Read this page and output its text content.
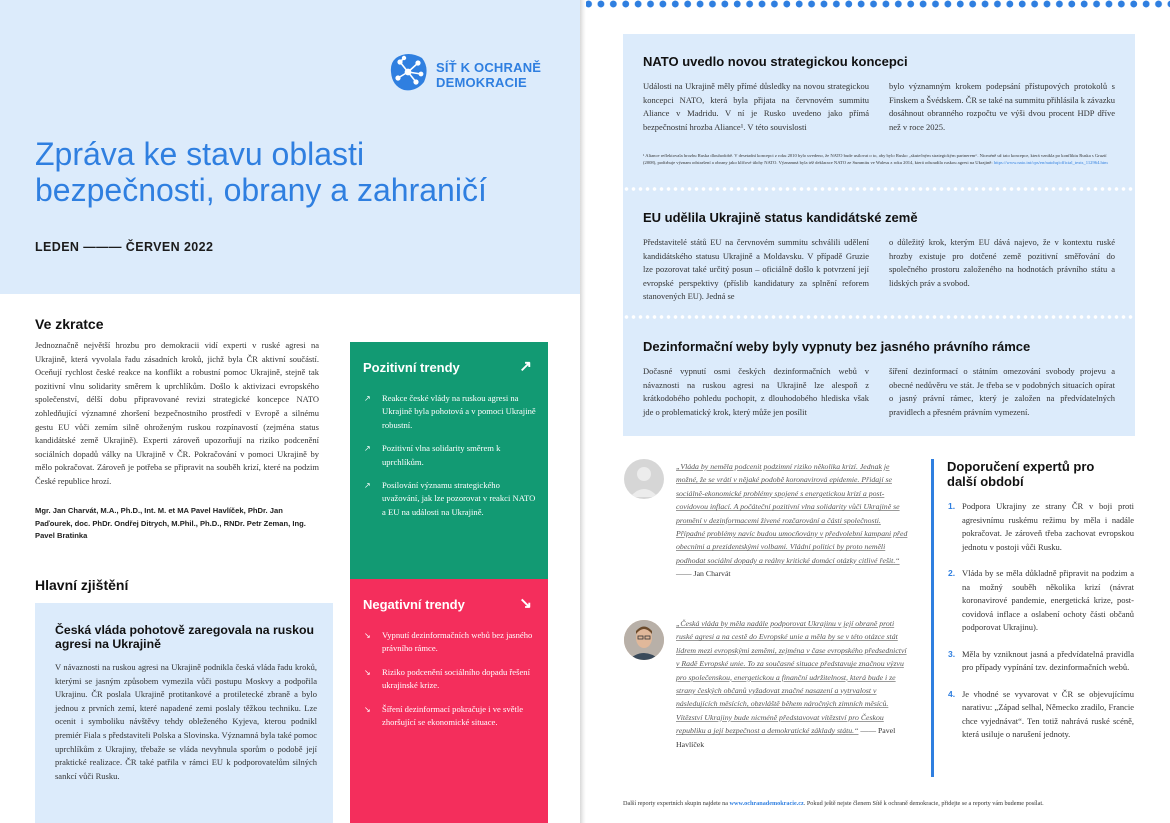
SÍŤ K OCHRANĚ
DEMOKRACIE
Zpráva ke stavu oblasti
bezpečnosti, obrany a zahraničí
LEDEN ——— ČERVEN 2022
Ve zkratce

Jednoznačně největší hrozbu pro demokracii vidí experti v ruské agresi na Ukrajině, která vyvolala řadu zásadních kroků, jichž byla ČR aktivní součástí. Oceňují rychlost české reakce na konflikt a robustní pomoc Ukrajině, stejně tak pozitivní vlnu solidarity směrem k uprchlíkům. Došlo k aktivizaci evropského společenství, délší dobu připravované revizi strategické koncepce NATO zohledňující významné zhoršení bezpečnostního prostředí v Evropě a silnému gestu EU vůči zemím silně ohroženým ruskou rozpínavostí (zejména status kandidátské země Ukrajině). Experti zároveň upozorňují na riziko podcenění sociálních dopadů války na Ukrajině v ČR. Pokračování v pomoci Ukrajině by mělo pokračovat. Zároveň je potřeba se připravit na souběh krizí, které na podzim České republice hrozí.

Mgr. Jan Charvát, M.A., Ph.D., Int. M. et MA Pavel Havlíček, PhDr. Jan Paďourek, doc. PhDr. Ondřej Ditrych, M.Phil., Ph.D., RNDr. Petr Zeman, Ing. Pavel Bratinka

Hlavní zjištění
Pozitivní trendy	↗
↗ Reakce české vlády na ruskou agresi na Ukrajině byla pohotová a v pomoci Ukrajině robustní.
↗ Pozitivní vlna solidarity směrem k uprchlíkům.
↗ Posilování významu strategického uvažování, jak lze pozorovat v reakci NATO a EU na události na Ukrajině.
Negativní trendy	↘
↘ Vypnutí dezinformačních webů bez jasného právního rámce.
↘ Riziko podcenění sociálního dopadu řešení ukrajinské krize.
↘ Šíření dezinformací pokračuje i ve světle zhoršující se ekonomické situace.
Česká vláda pohotově zaregovala na ruskou agresi na Ukrajině

V návaznosti na ruskou agresi na Ukrajině podnikla česká vláda řadu kroků, kterými se jasným způsobem vymezila vůči postupu Moskvy a podpořila Ukrajinu. ČR poslala Ukrajině protitankové a protiletecké zbraně a bylo jednou z prvních zemí, které napadené zemi poslaly těžkou techniku. Lze ocenit i symboliku návštěvy tehdy obleženého Kyjeva, kterou podnikl premiér Fiala s představiteli Polska a Slovinska. Významná byla také pomoc uprchlíkům z Ukrajiny, třebaže se vláda nevyhnula sporům o podobě její praktické realizace. ČR také patřila v rámci EU k podporovatelům silných sankcí vůči Rusku.

NATO uvedlo novou strategickou koncepci

Události na Ukrajině měly přímé důsledky na novou strategickou koncepci NATO, která byla přijata na červnovém summitu Aliance v Madridu. V ní je Rusko uvedeno jako přímá bezpečnostní hrozba Aliance¹. V této souvislosti

bylo významným krokem podepsání přístupových protokolů s Finskem a Švédskem. ČR se také na summitu přihlásila k závazku dosáhnout obranného rozpočtu ve výši dvou procent HDP dříve než v roce 2025.

¹ Aliance reflektovala hrozbu Ruska dlouhodobě. V desetadní koncepci z roku 2010 bylo uvedeno, že NATO bude usilovat o to, aby bylo Rusko „skutečným strategickým partnerem“. Nicméně už tato koncepce, která vznikla po konfliktu Ruska s Gruzií (2008), podtrhuje význam odstrašení a obrany jako klíčové úlohy NATO. Významná byla též deklarace NATO ze Summitu ve Walesu z roku 2014, která odsoudila ruskou agresi na Ukrajině: https://www.nato.int/cps/en/natohq/official_texts_112964.htm

EU udělila Ukrajině status kandidátské země

Představitelé států EU na červnovém summitu schválili udělení kandidátského statusu Ukrajině a Moldavsku. V případě Gruzie lze pozorovat také určitý posun – oficiálně došlo k potvrzení její evropské perspektivy (příslib kandidatury za splnění reforem stanovených EU). Jedná se

o důležitý krok, kterým EU dává najevo, že v kontextu ruské hrozby existuje pro dotčené země pozitivní směřování do společného prostoru založeného na hodnotách právního státu a lidských práv a svobod.

Dezinformační weby byly vypnuty bez jasného právního rámce

Dočasné vypnutí osmi českých dezinformačních webů v návaznosti na ruskou agresi na Ukrajině lze alespoň z krátkodobého pohledu pochopit, z dlouhodobého hlediska však jde o problematický krok, který může jen posílit

šíření dezinformací o státním omezování svobody projevu a obecné nedůvěru ve stát. Je třeba se v podobných situacích opírat o jasný právní rámec, který je založen na předvídatelných pravidlech a přesném právním vymezení.

„Vláda by neměla podcenit podzimní riziko několika krizí. Jednak je možné, že se vrátí v nějaké podobě koronavirová epidemie. Přidají se sociálně-ekonomické problémy spojené s energetickou krizí a post-covidovou inflací. A počáteční pozitivní vlna solidarity vůči Ukrajině se promění v dezinformacemi živené rozčarování a části společnosti. Případné problémy navíc budou umocňovány v předvolební kampani před obecními a prezidentskými volbami. Vládní politici by proto neměli podhodat sociální dopady a reálny kritické domácí otázky citlivé řešit.“ —— Jan Charvát

„Česká vláda by měla nadále podporovat Ukrajinu v její obraně proti ruské agresi a na cestě do Evropské unie a měla by se v této otázce stát lídrem mezi evropskými zeměmi, zejména v čase evropského předsednictví v Radě Evropské unie. To za současné situace představuje značnou výzvu pro společenskou, energetickou a finanční udržitelnost, která bude i ze strany českých občanů vyžadovat značné nasazení a vytrvalost v následujících měsících, obzvláště během náročných zimních měsíců. Vítězství Ukrajiny bude nicméně představovat vítězství pro Českou republiku a její bezpečnost a demokratické základy státu.“ —— Pavel Havlíček

Doporučení expertů pro další období
1. Podpora Ukrajiny ze strany ČR v boji proti agresivnímu ruskému režimu by měla i nadále pokračovat. Je zároveň třeba zachovat evropskou jednotu v postoji vůči Rusku.
2. Vláda by se měla důkladně připravit na podzim a na možný souběh několika krizí (návrat koronavirové pandemie, energetická krize, post-covidová inflace a oslabení ochoty části občanů podporovat Ukrajinu).
3. Měla by vzniknout jasná a předvídatelná pravidla pro případy vypínání tzv. dezinformačních webů.
4. Je vhodné se vyvarovat v ČR se objevujícímu narativu: „Západ selhal, Německo zradilo, Francie chce vyjednávat“. Ten totiž nahrává ruské scéně, která usiluje o narušení jednoty.

Další reporty expertních skupin najdete na www.ochranademokracie.cz. Pokud ještě nejste členem Sítě k ochraně demokracie, přidejte se a reporty vám budeme posílat.
